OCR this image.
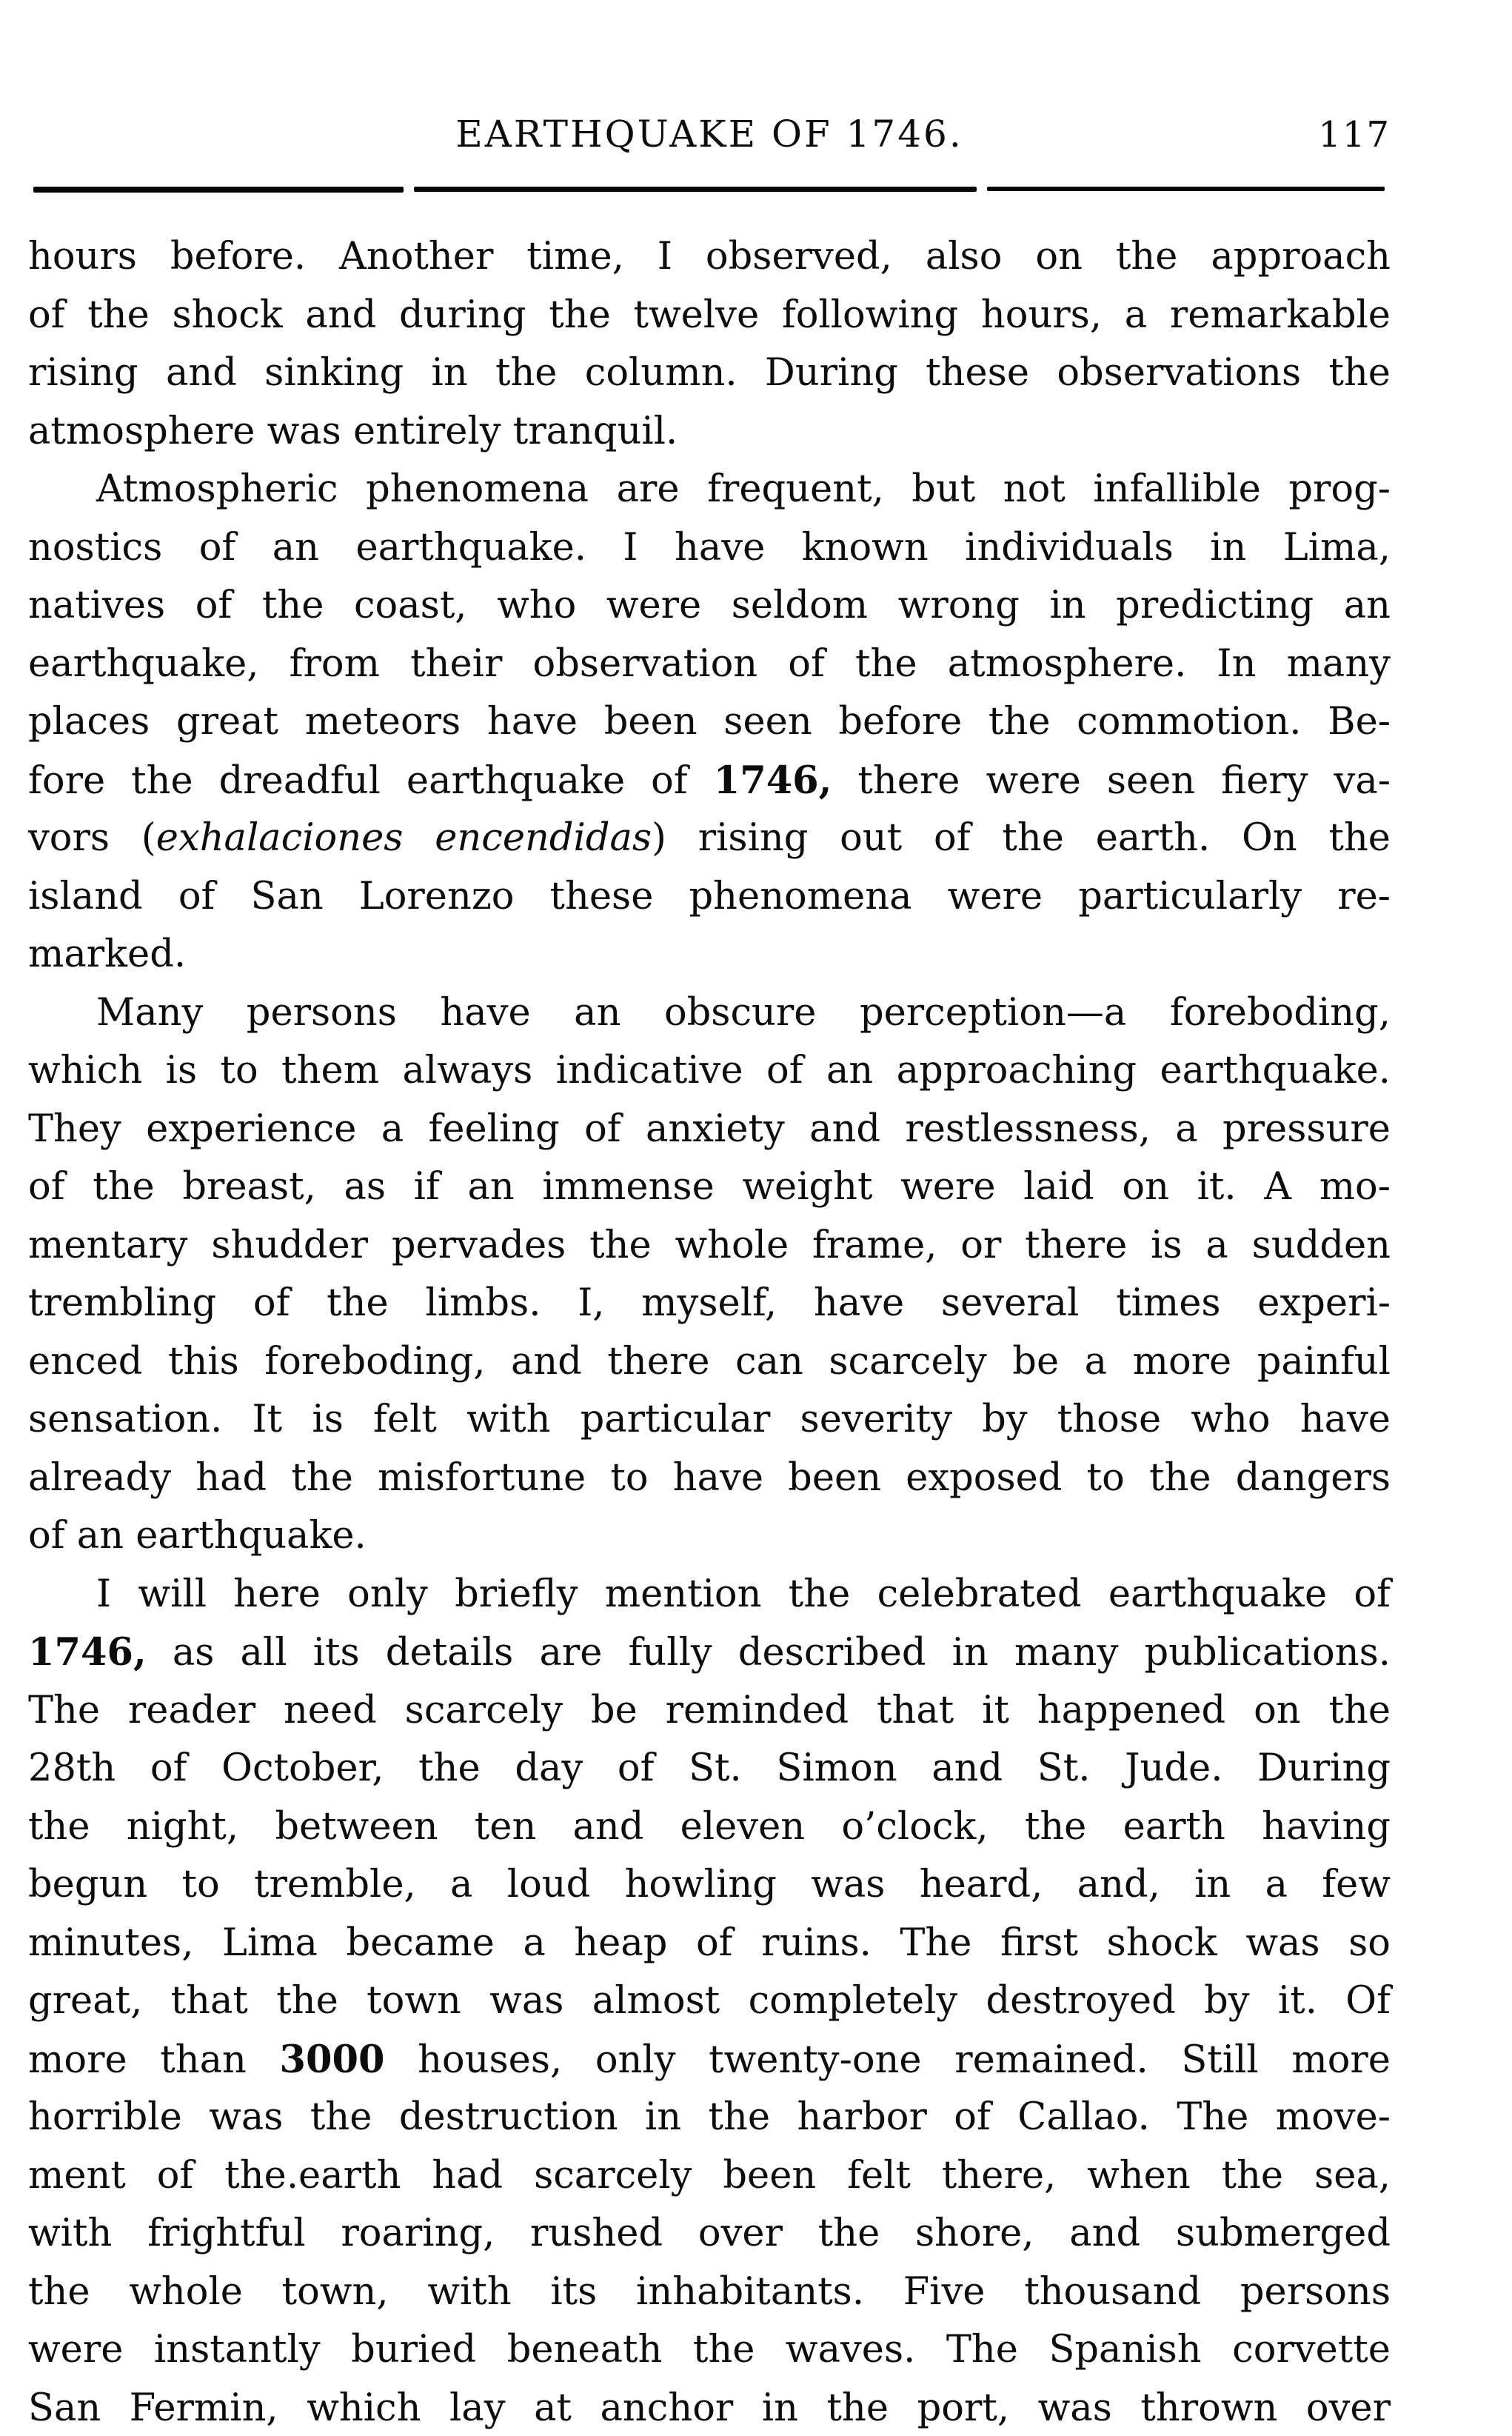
EARTHQUAKE OF 1746.	117
hours before. Another time, I observed, also on the approach
of the shock and during the twelve following hours, a remarkable
rising and sinking in the column. During these observations the
atmosphere was entirely tranquil.
Atmospheric phenomena are frequent, but not infallible prog-
nostics of an earthquake. I have known individuals in Lima,
natives of the coast, who were seldom wrong in predicting an
earthquake, from their observation of the atmosphere. In many
places great meteors have been seen before the commotion. Be-
fore the dreadful earthquake of 1746, there were seen fiery va-
vors (exhalaciones encendidas) rising out of the earth. On the
island of San Lorenzo these phenomena were particularly re-
marked.
Many persons have an obscure perception—a foreboding,
which is to them always indicative of an approaching earthquake.
They experience a feeling of anxiety and restlessness, a pressure
of the breast, as if an immense weight were laid on it. A mo-
mentary shudder pervades the whole frame, or there is a sudden
trembling of the limbs. I, myself, have several times experi-
enced this foreboding, and there can scarcely be a more painful
sensation. It is felt with particular severity by those who have
already had the misfortune to have been exposed to the dangers
of an earthquake.
I will here only briefly mention the celebrated earthquake of
1746, as all its details are fully described in many publications.
The reader need scarcely be reminded that it happened on the
28th of October, the day of St. Simon and St. Jude. During
the night, between ten and eleven o’clock, the earth having
begun to tremble, a loud howling was heard, and, in a few
minutes, Lima became a heap of ruins. The first shock was so
great, that the town was almost completely destroyed by it. Of
more than 3000 houses, only twenty-one remained. Still more
horrible was the destruction in the harbor of Callao. The move-
ment of the.earth had scarcely been felt there, when the sea,
with frightful roaring, rushed over the shore, and submerged
the whole town, with its inhabitants. Five thousand persons
were instantly buried beneath the waves. The Spanish corvette
San Fermin, which lay at anchor in the port, was thrown over
